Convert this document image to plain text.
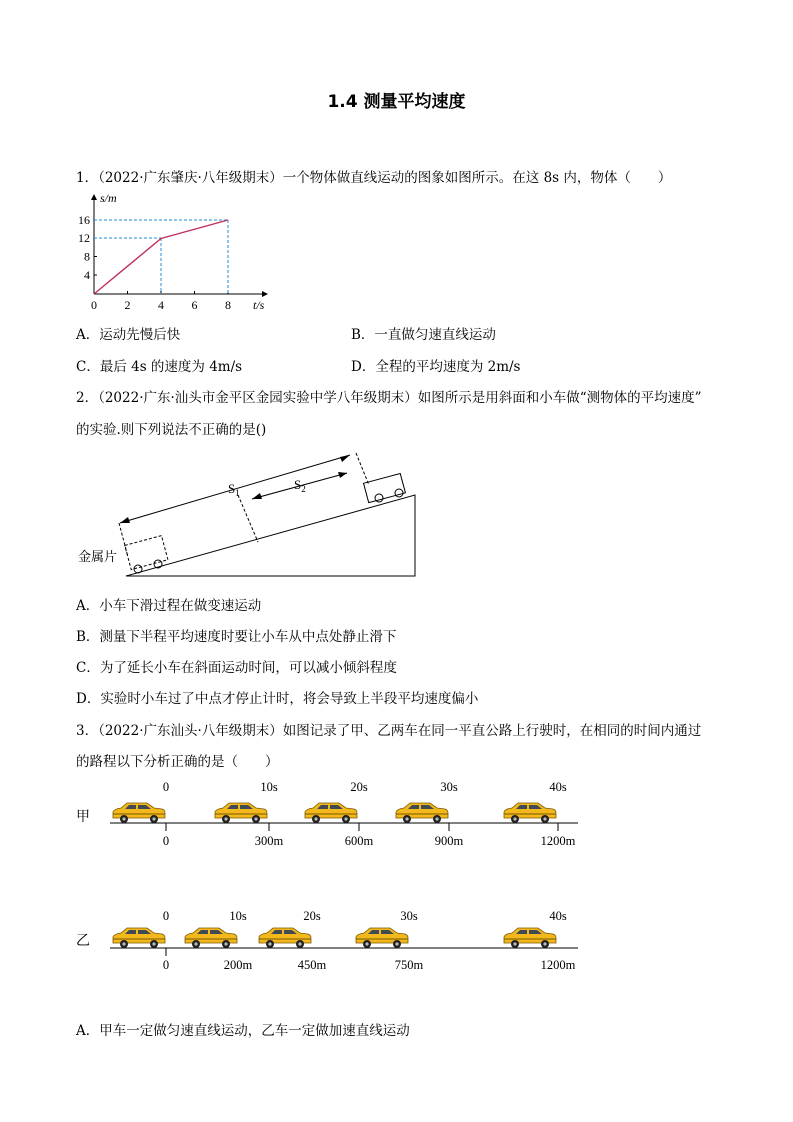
1.4 测量平均速度
1．（2022·广东肇庆·八年级期末）一个物体做直线运动的图象如图所示。在这 8s 内，物体（　　）
s/m
t/s
0 2 4 6 8
4
8
12
16
A．运动先慢后快	B．一直做匀速直线运动
C．最后 4s 的速度为 4m/s	D．全程的平均速度为 2m/s
2．（2022·广东·汕头市金平区金园实验中学八年级期末）如图所示是用斜面和小车做“测物体的平均速度”
的实验.则下列说法不正确的是()
$S_1$
$S_2$
金属片
A．小车下滑过程在做变速运动
B．测量下半程平均速度时要让小车从中点处静止滑下
C．为了延长小车在斜面运动时间，可以减小倾斜程度
D．实验时小车过了中点才停止计时，将会导致上半段平均速度偏小
3．（2022·广东汕头·八年级期末）如图记录了甲、乙两车在同一平直公路上行驶时，在相同的时间内通过
的路程以下分析正确的是（　　）
甲
0	10s	20s	30s	40s
0	300m	600m	900m	1200m
乙
0	10s	20s	30s	40s
0	200m	450m	750m	1200m
A．甲车一定做匀速直线运动，乙车一定做加速直线运动
